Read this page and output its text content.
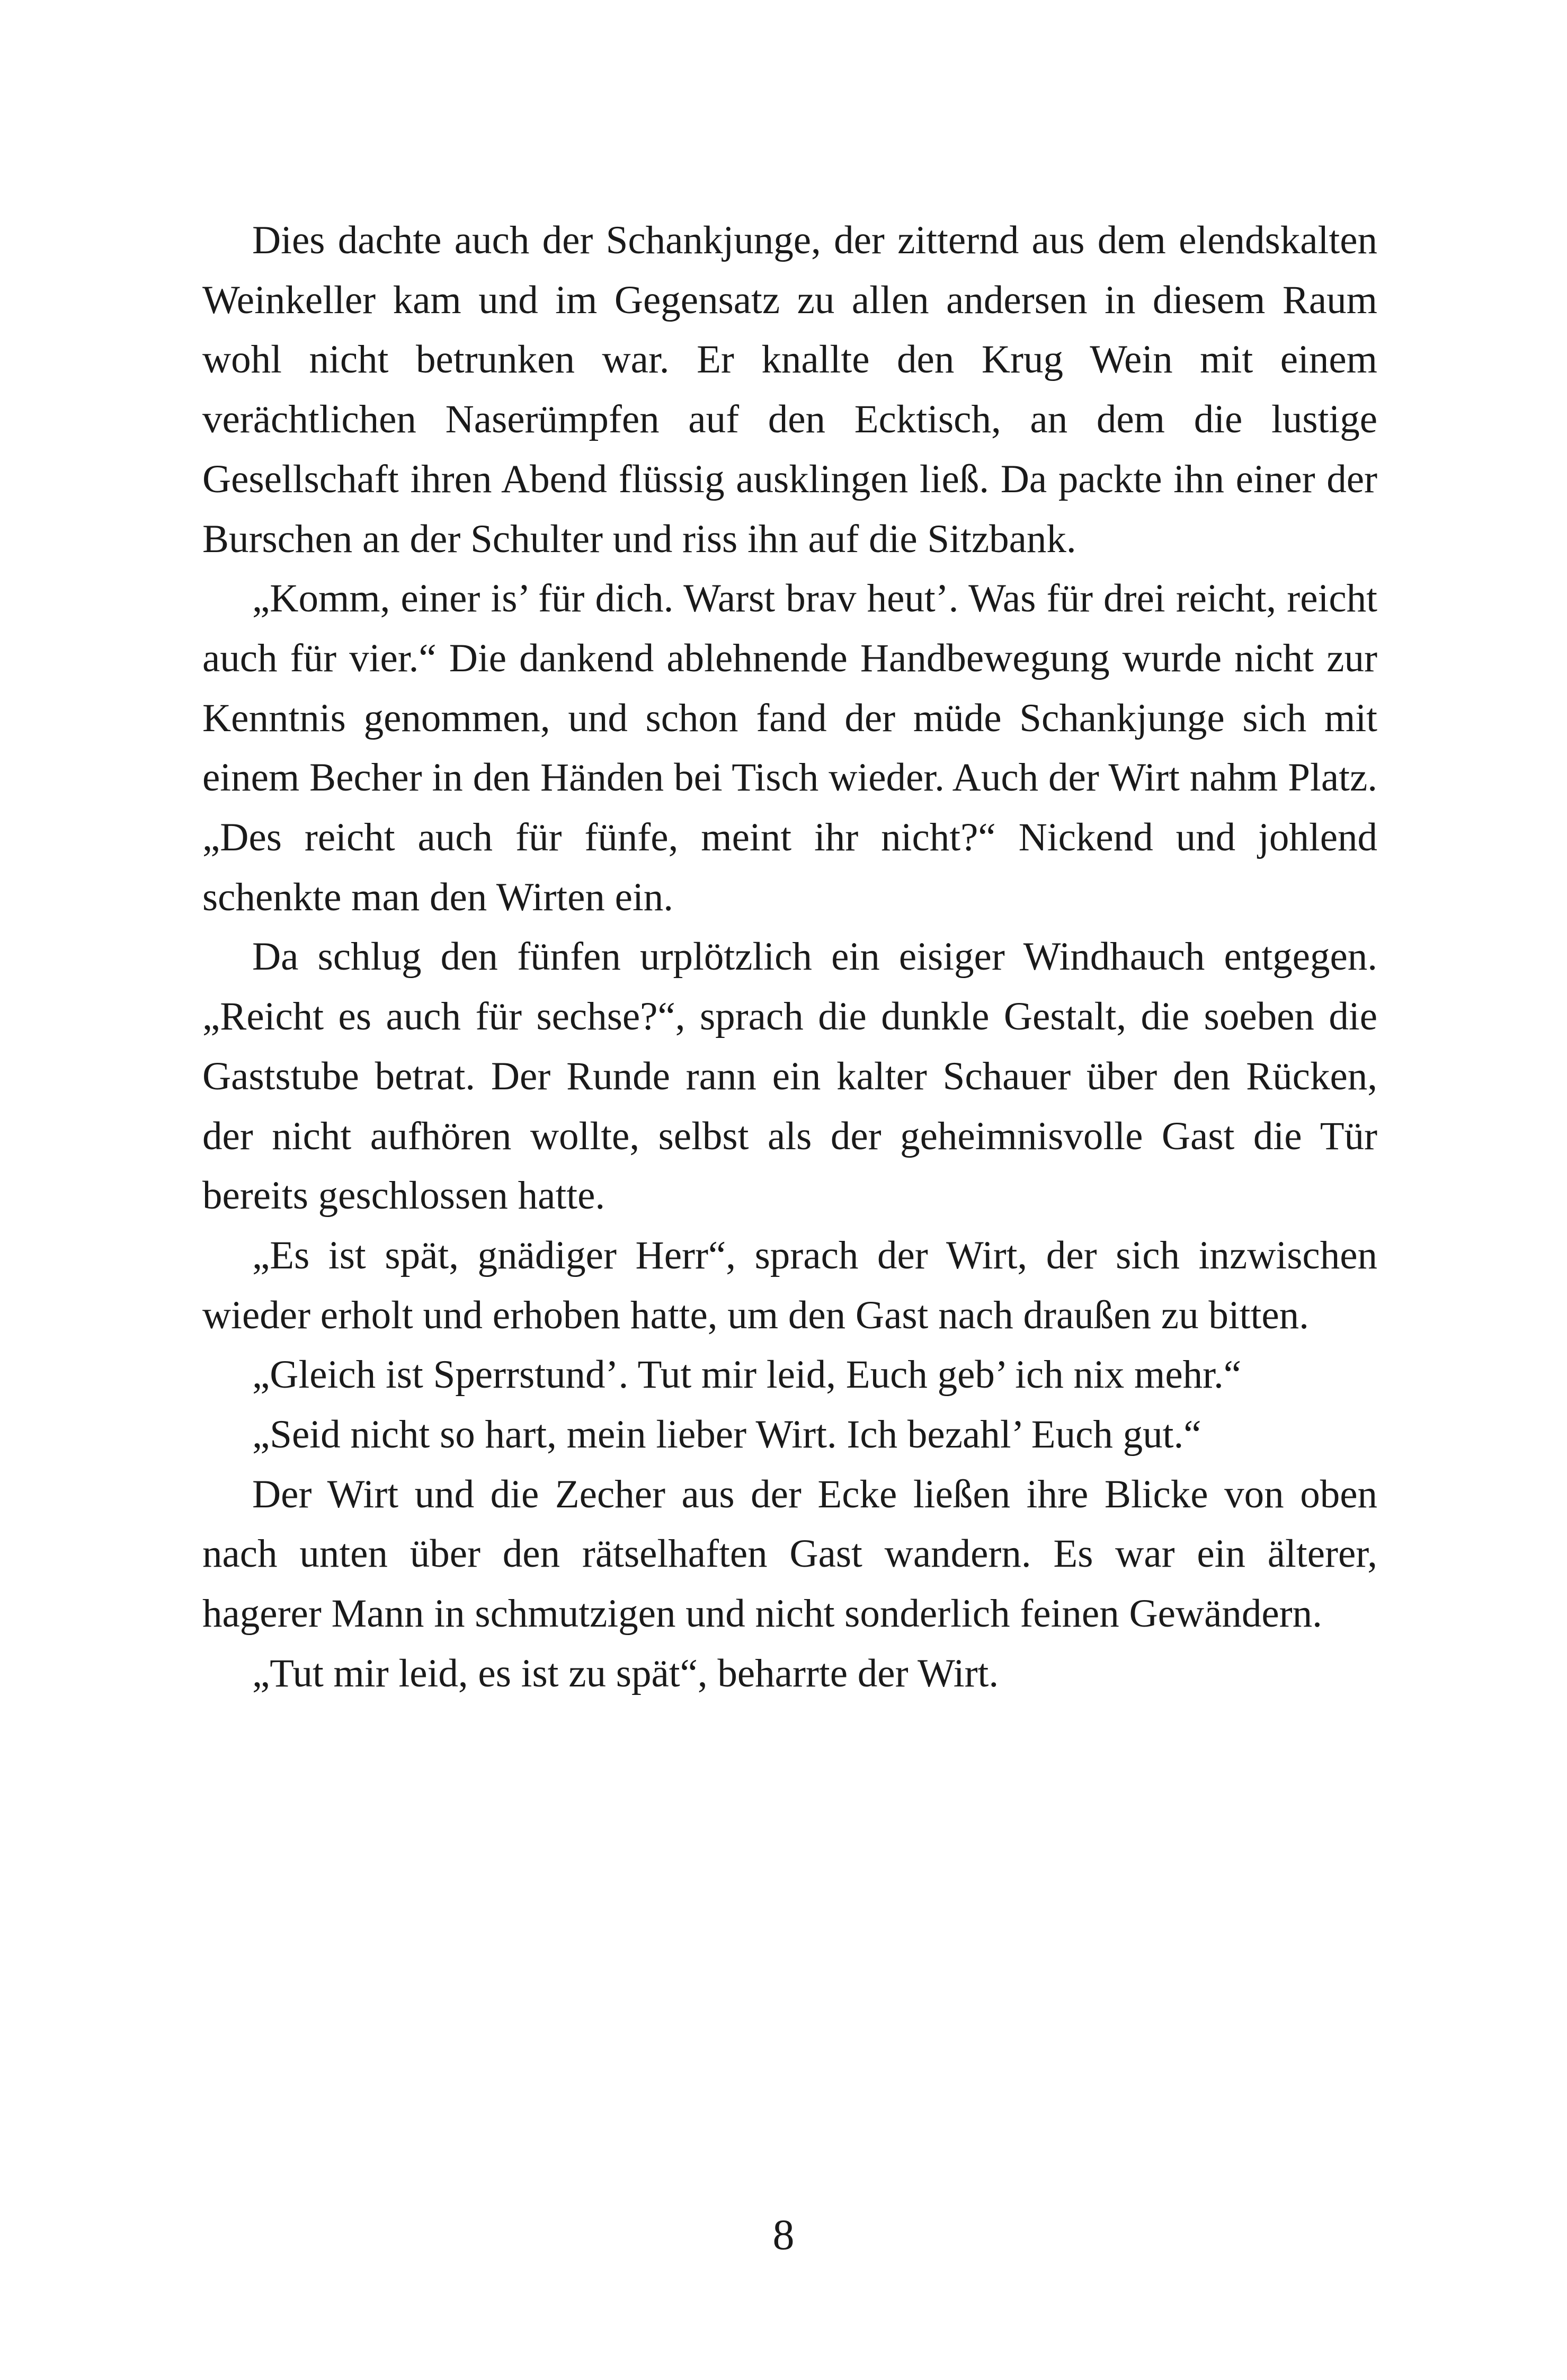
Dies dachte auch der Schankjunge, der zitternd aus dem elendskalten Weinkeller kam und im Gegensatz zu allen andersen in diesem Raum wohl nicht betrunken war. Er knallte den Krug Wein mit einem verächtlichen Naserümpfen auf den Ecktisch, an dem die lustige Gesellschaft ihren Abend flüssig ausklingen ließ. Da packte ihn einer der Burschen an der Schulter und riss ihn auf die Sitzbank.

„Komm, einer is’ für dich. Warst brav heut’. Was für drei reicht, reicht auch für vier.“ Die dankend ablehnende Handbewegung wurde nicht zur Kenntnis genommen, und schon fand der müde Schankjunge sich mit einem Becher in den Händen bei Tisch wieder. Auch der Wirt nahm Platz. „Des reicht auch für fünfe, meint ihr nicht?“ Nickend und johlend schenkte man den Wirten ein.

Da schlug den fünfen urplötzlich ein eisiger Windhauch entgegen. „Reicht es auch für sechse?“, sprach die dunkle Gestalt, die soeben die Gaststube betrat. Der Runde rann ein kalter Schauer über den Rücken, der nicht aufhören wollte, selbst als der geheimnisvolle Gast die Tür bereits geschlossen hatte.

„Es ist spät, gnädiger Herr“, sprach der Wirt, der sich inzwischen wieder erholt und erhoben hatte, um den Gast nach draußen zu bitten.

„Gleich ist Sperrstund’. Tut mir leid, Euch geb’ ich nix mehr.“

„Seid nicht so hart, mein lieber Wirt. Ich bezahl’ Euch gut.“

Der Wirt und die Zecher aus der Ecke ließen ihre Blicke von oben nach unten über den rätselhaften Gast wandern. Es war ein älterer, hagerer Mann in schmutzigen und nicht sonderlich feinen Gewändern.

„Tut mir leid, es ist zu spät“, beharrte der Wirt.

8
